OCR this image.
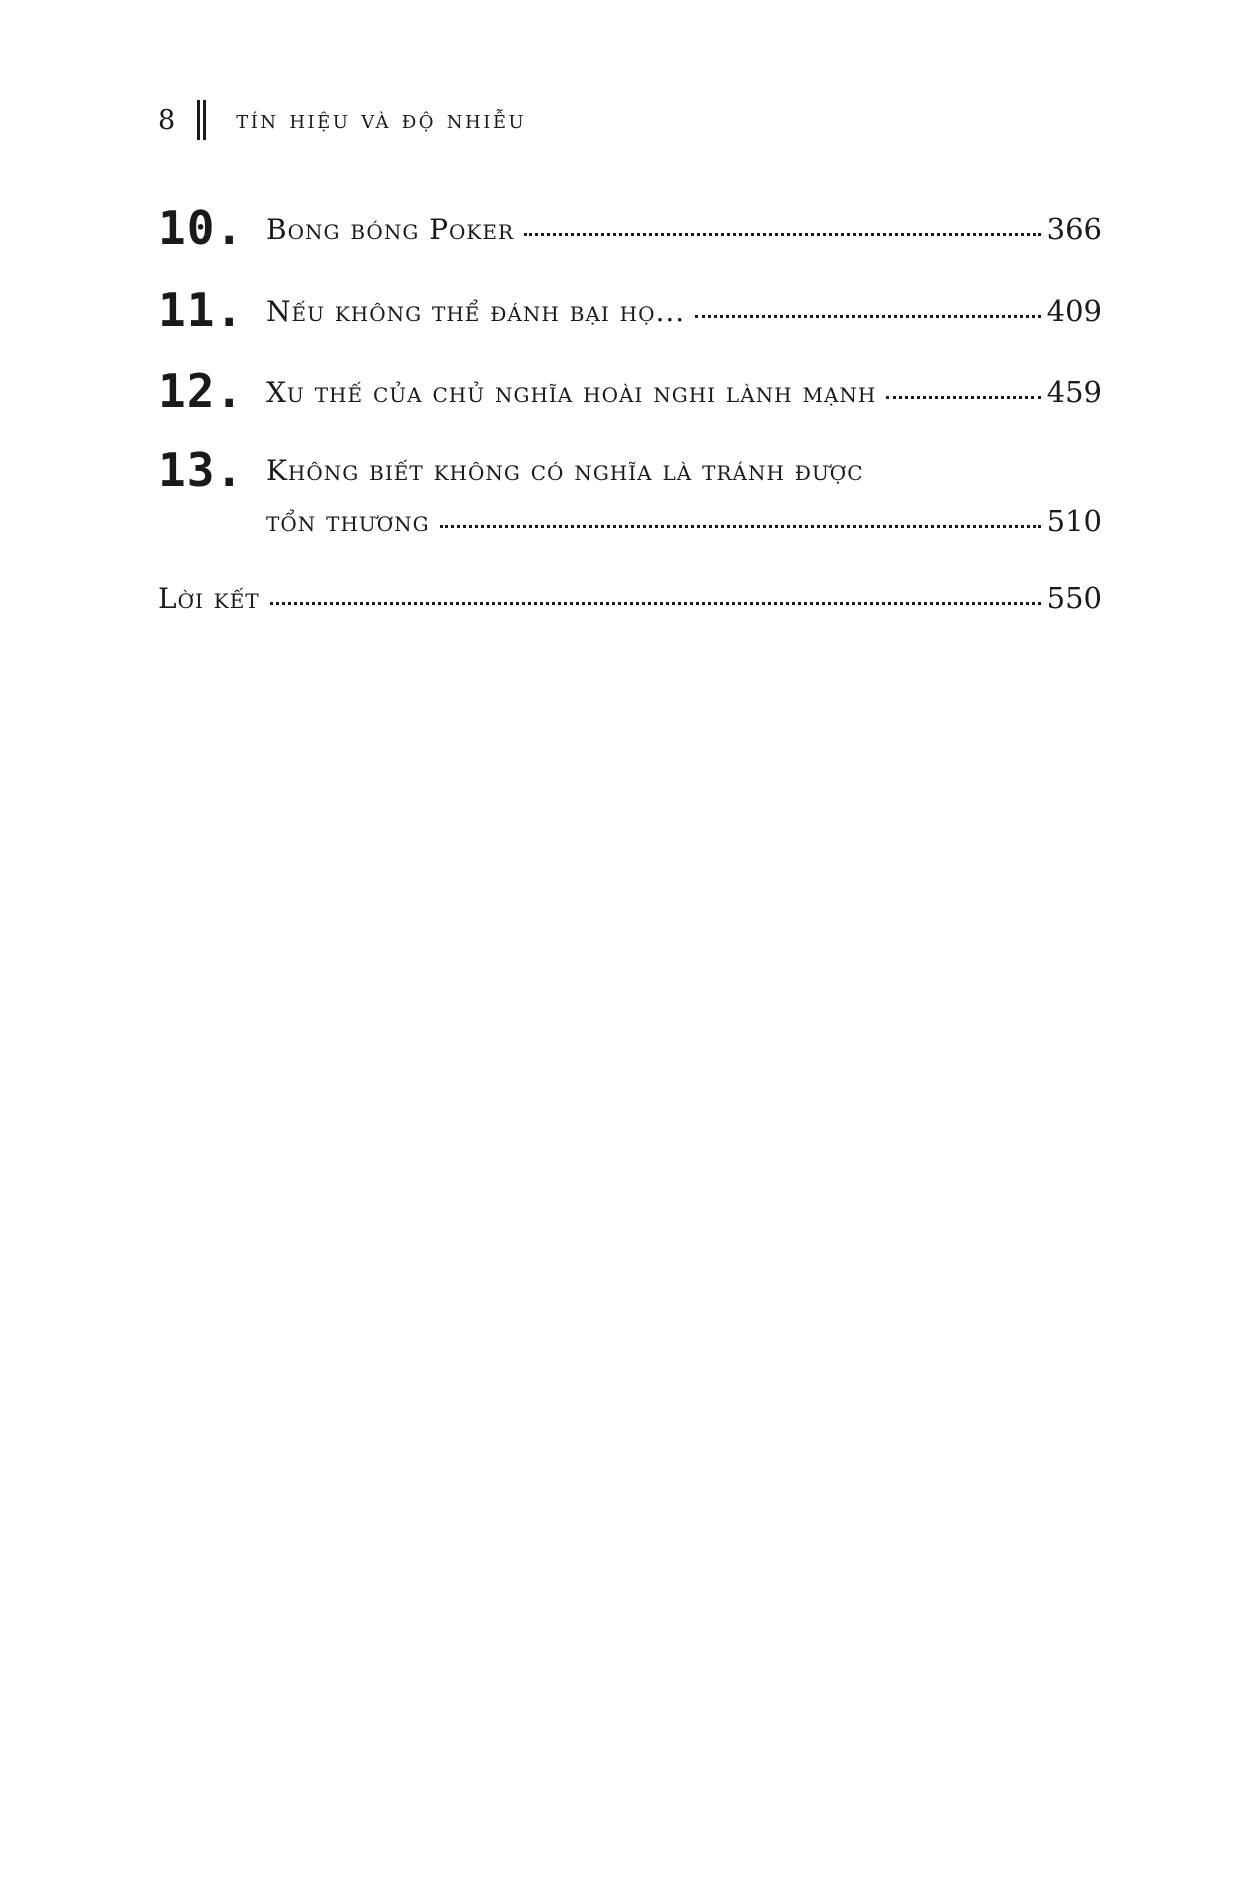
8 tín hiệu và độ nhiễu
10. Bong bóng Poker	366
11. Nếu không thể đánh bại họ...	409
12. Xu thế của chủ nghĩa hoài nghi lành mạnh	459
13. Không biết không có nghĩa là tránh được
tổn thương	510
Lời kết	550
